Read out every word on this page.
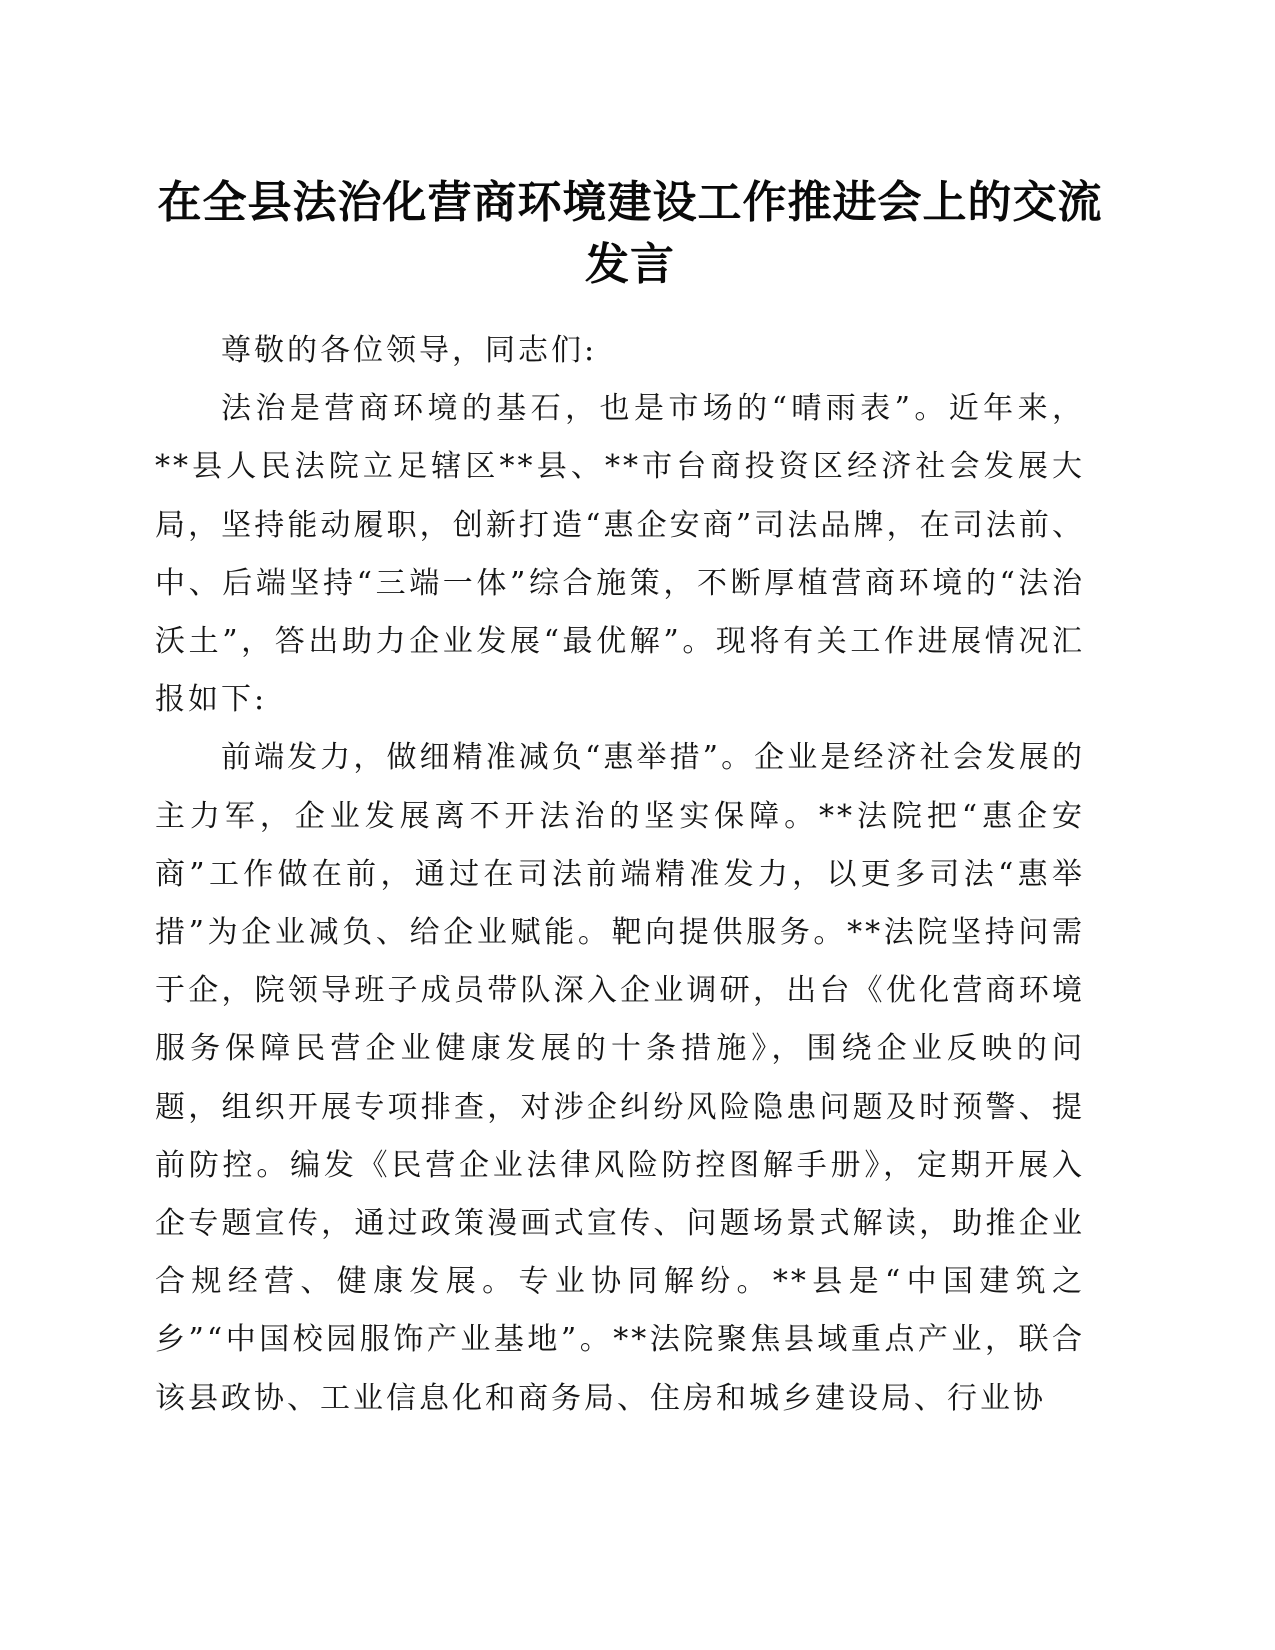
在全县法治化营商环境建设工作推进会上的交流发言

尊敬的各位领导，同志们:

法治是营商环境的基石，也是市场的“晴雨表”。近年来，**县人民法院立足辖区**县、**市台商投资区经济社会发展大局，坚持能动履职，创新打造“惠企安商”司法品牌，在司法前、中、后端坚持“三端一体”综合施策，不断厚植营商环境的“法治沃土”，答出助力企业发展“最优解”。现将有关工作进展情况汇报如下:

前端发力，做细精准减负“惠举措”。企业是经济社会发展的主力军，企业发展离不开法治的坚实保障。**法院把“惠企安商”工作做在前，通过在司法前端精准发力，以更多司法“惠举措”为企业减负、给企业赋能。靶向提供服务。**法院坚持问需于企，院领导班子成员带队深入企业调研，出台《优化营商环境服务保障民营企业健康发展的十条措施》，围绕企业反映的问题，组织开展专项排查，对涉企纠纷风险隐患问题及时预警、提前防控。编发《民营企业法律风险防控图解手册》，定期开展入企专题宣传，通过政策漫画式宣传、问题场景式解读，助推企业合规经营、健康发展。专业协同解纷。**县是“中国建筑之乡”“中国校园服饰产业基地”。**法院聚焦县域重点产业，联合该县政协、工业信息化和商务局、住房和城乡建设局、行业协
